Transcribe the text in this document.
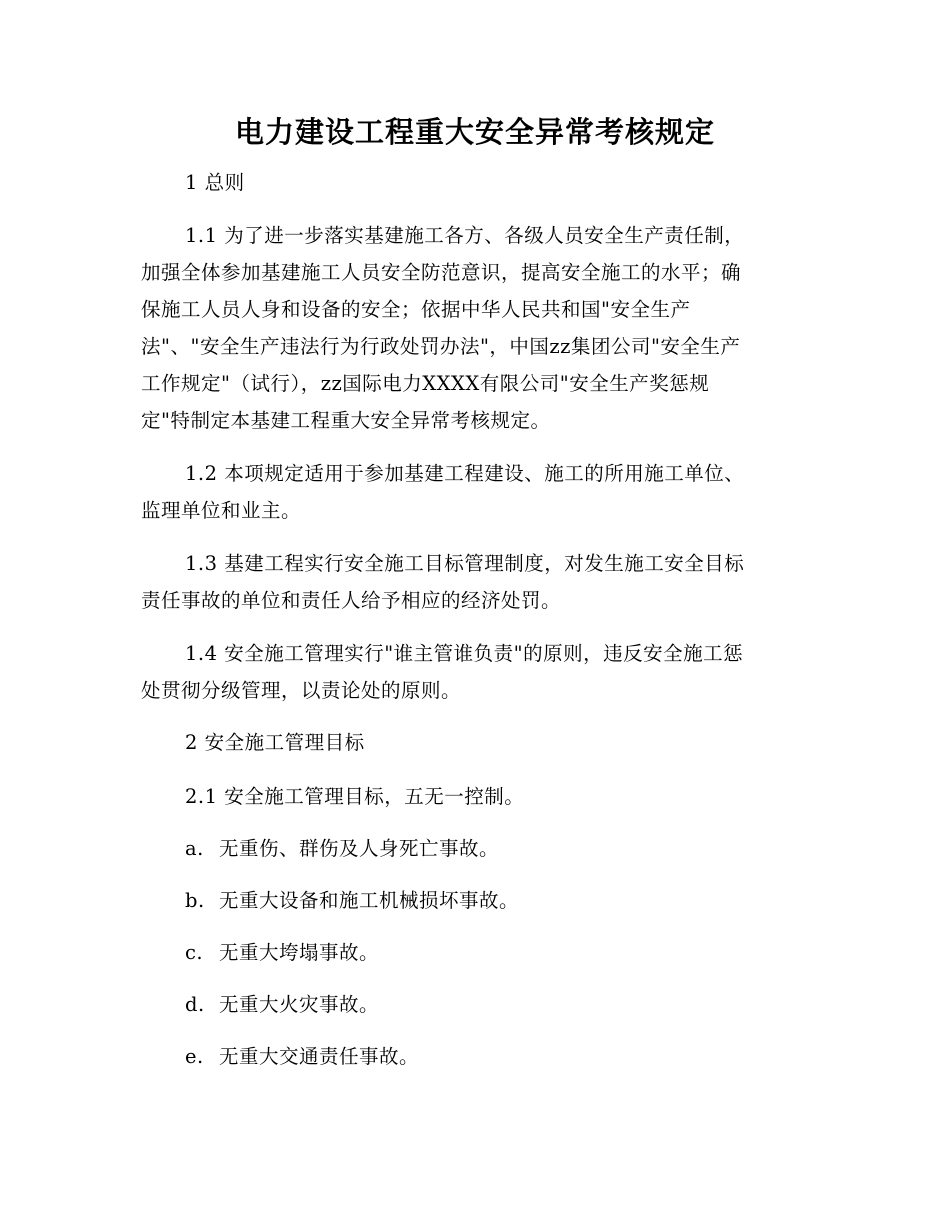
电力建设工程重大安全异常考核规定
1 总则
1.1 为了进一步落实基建施工各方、各级人员安全生产责任制，
加强全体参加基建施工人员安全防范意识，提高安全施工的水平；确
保施工人员人身和设备的安全；依据中华人民共和国"安全生产
法"、"安全生产违法行为行政处罚办法"，中国zz集团公司"安全生产
工作规定"（试行），zz国际电力XXXX有限公司"安全生产奖惩规
定"特制定本基建工程重大安全异常考核规定。
1.2 本项规定适用于参加基建工程建设、施工的所用施工单位、
监理单位和业主。
1.3 基建工程实行安全施工目标管理制度，对发生施工安全目标
责任事故的单位和责任人给予相应的经济处罚。
1.4 安全施工管理实行"谁主管谁负责"的原则，违反安全施工惩
处贯彻分级管理，以责论处的原则。
2 安全施工管理目标
2.1 安全施工管理目标，五无一控制。
a. 无重伤、群伤及人身死亡事故。
b. 无重大设备和施工机械损坏事故。
c. 无重大垮塌事故。
d. 无重大火灾事故。
e. 无重大交通责任事故。
